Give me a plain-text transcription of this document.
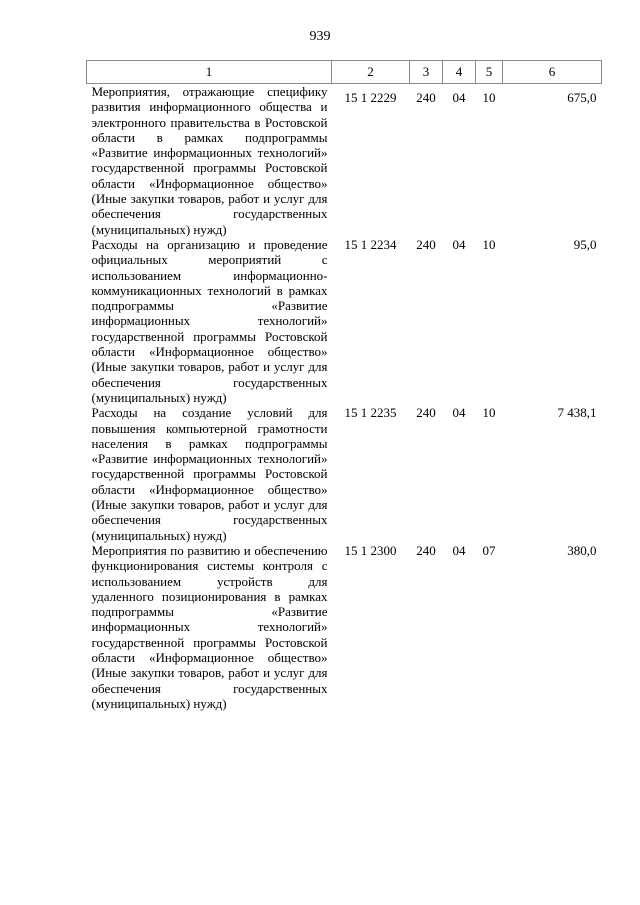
939
1	2	3	4	5	6
Мероприятия, отражающие специфику развития информационного общества и электронного правительства в Ростовской области в рамках подпрограммы «Развитие информационных технологий» государственной программы Ростовской области «Информационное общество» (Иные закупки товаров, работ и услуг для обеспечения государственных (муниципальных) нужд)	15 1 2229	240	04	10	675,0
Расходы на организацию и проведение официальных мероприятий с использованием информационно-коммуникационных технологий в рамках подпрограммы «Развитие информационных технологий» государственной программы Ростовской области «Информационное общество» (Иные закупки товаров, работ и услуг для обеспечения государственных (муниципальных) нужд)	15 1 2234	240	04	10	95,0
Расходы на создание условий для повышения компьютерной грамотности населения в рамках подпрограммы «Развитие информационных технологий» государственной программы Ростовской области «Информационное общество» (Иные закупки товаров, работ и услуг для обеспечения государственных (муниципальных) нужд)	15 1 2235	240	04	10	7 438,1
Мероприятия по развитию и обеспечению функционирования системы контроля с использованием устройств для удаленного позиционирования в рамках подпрограммы «Развитие информационных технологий» государственной программы Ростовской области «Информационное общество» (Иные закупки товаров, работ и услуг для обеспечения государственных (муниципальных) нужд)	15 1 2300	240	04	07	380,0
